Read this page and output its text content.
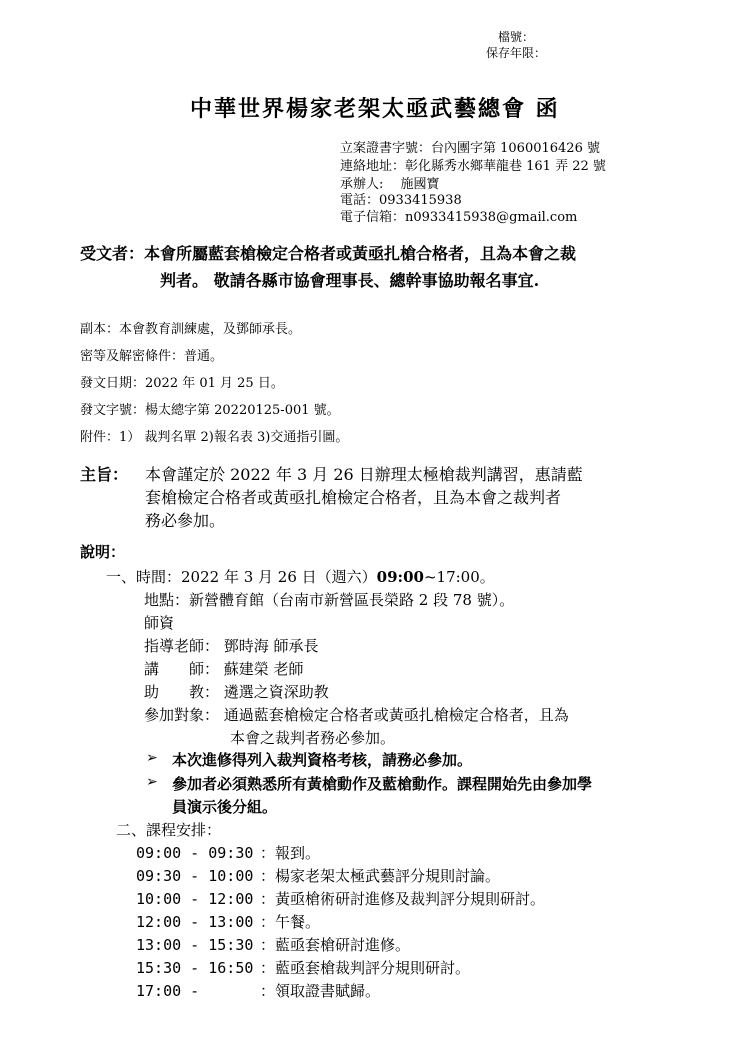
檔號：
保存年限：
中華世界楊家老架太亟武藝總會 函
立案證書字號：台內團字第 1060016426 號
連絡地址：彰化縣秀水鄉華龍巷 161 弄 22 號
承辦人:　 施國寶
電話：0933415938
電子信箱：n0933415938@gmail.com
受文者：本會所屬藍套槍檢定合格者或黃亟扎槍合格者，且為本會之裁
判者。 敬請各縣市協會理事長、總幹事協助報名事宜.
副本：本會教育訓練處，及鄧師承長。
密等及解密條件：普通。
發文日期：2022 年 01 月 25 日。
發文字號：楊太總字第 20220125-001 號。
附件：1） 裁判名單 2)報名表 3)交通指引圖。
主旨： 本會謹定於 2022 年 3 月 26 日辦理太極槍裁判講習，惠請藍
套槍檢定合格者或黃亟扎槍檢定合格者，且為本會之裁判者
務必參加。
說明：
一、時間：2022 年 3 月 26 日（週六）09:00~17:00。
地點：新營體育館（台南市新營區長榮路 2 段 78 號）。
師資
指導老師： 鄧時海 師承長
講　　師： 蘇建榮 老師
助　　教： 遴選之資深助教
參加對象： 通過藍套槍檢定合格者或黃亟扎槍檢定合格者，且為
本會之裁判者務必參加。
➢ 本次進修得列入裁判資格考核，請務必參加。
➢ 參加者必須熟悉所有黃槍動作及藍槍動作。課程開始先由參加學
員演示後分組。
二、課程安排：
09:00 - 09:30 ：報到。
09:30 - 10:00 ：楊家老架太極武藝評分規則討論。
10:00 - 12:00 ：黃亟槍術研討進修及裁判評分規則研討。
12:00 - 13:00 ：午餐。
13:00 - 15:30 ：藍亟套槍研討進修。
15:30 - 16:50 ：藍亟套槍裁判評分規則研討。
17:00 -	：領取證書賦歸。
